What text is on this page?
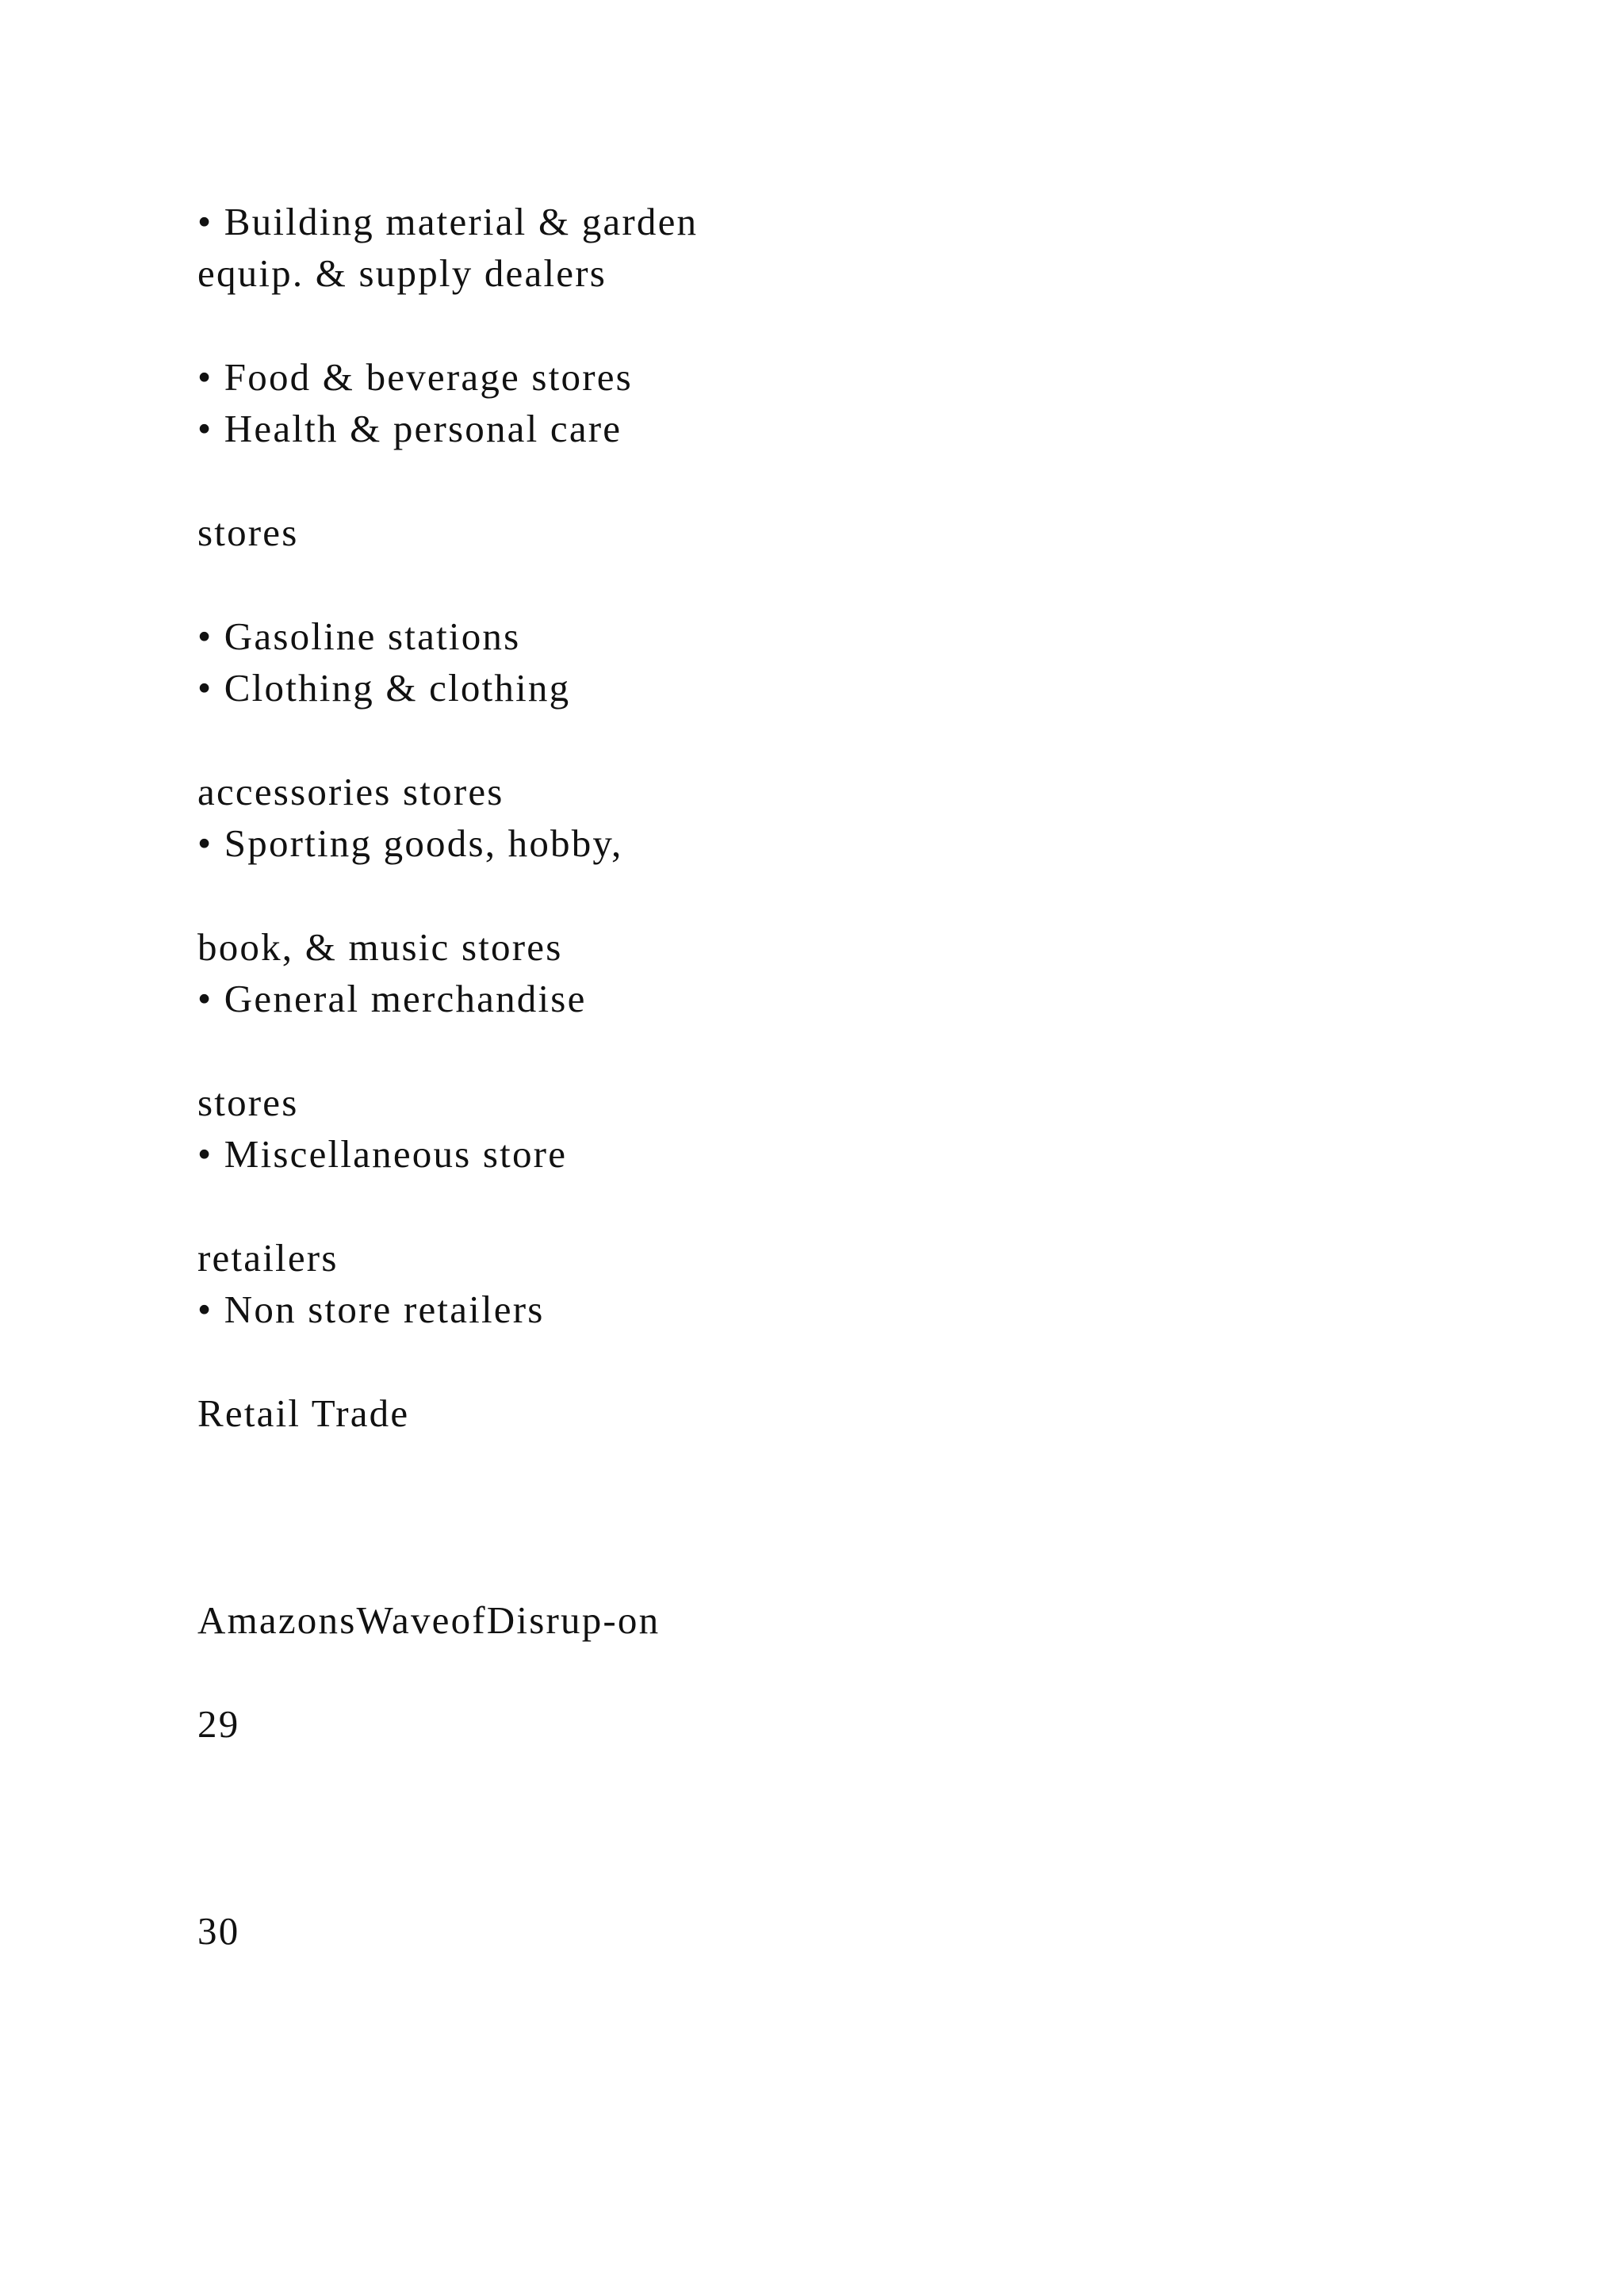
• Building material & garden

equip. & supply dealers

• Food & beverage stores

• Health & personal care

stores

• Gasoline stations

• Clothing & clothing

accessories stores

• Sporting goods, hobby,

book, & music stores

• General merchandise

stores

• Miscellaneous store

retailers

• Non store retailers

Retail Trade

AmazonsWaveofDisrup-on

29

30
